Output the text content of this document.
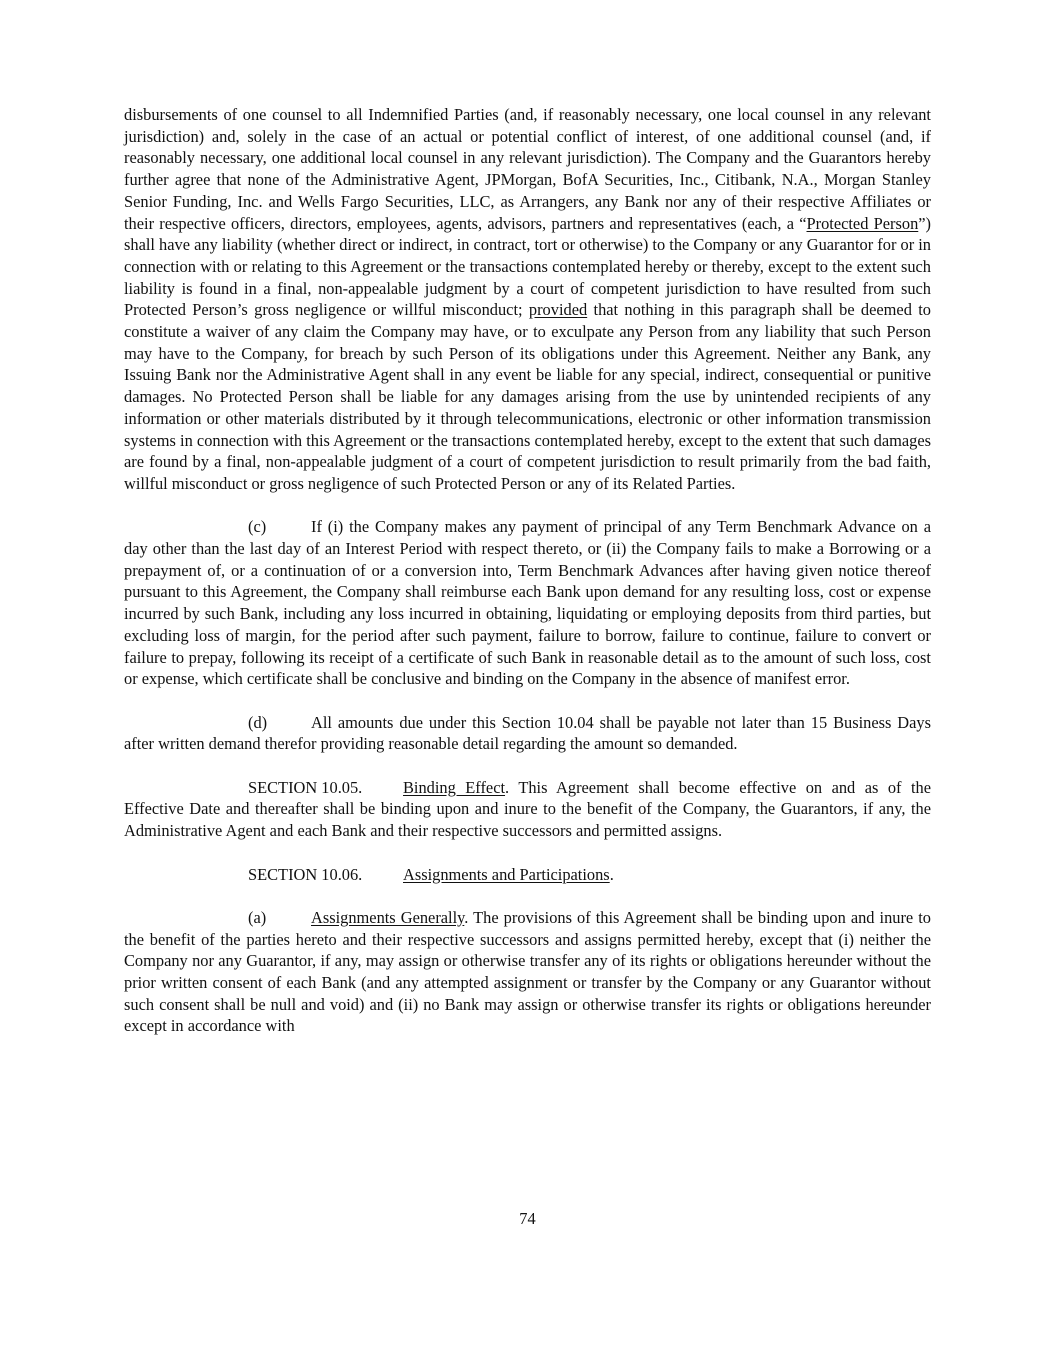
disbursements of one counsel to all Indemnified Parties (and, if reasonably necessary, one local counsel in any relevant jurisdiction) and, solely in the case of an actual or potential conflict of interest, of one additional counsel (and, if reasonably necessary, one additional local counsel in any relevant jurisdiction). The Company and the Guarantors hereby further agree that none of the Administrative Agent, JPMorgan, BofA Securities, Inc., Citibank, N.A., Morgan Stanley Senior Funding, Inc. and Wells Fargo Securities, LLC, as Arrangers, any Bank nor any of their respective Affiliates or their respective officers, directors, employees, agents, advisors, partners and representatives (each, a “Protected Person”) shall have any liability (whether direct or indirect, in contract, tort or otherwise) to the Company or any Guarantor for or in connection with or relating to this Agreement or the transactions contemplated hereby or thereby, except to the extent such liability is found in a final, non-appealable judgment by a court of competent jurisdiction to have resulted from such Protected Person’s gross negligence or willful misconduct; provided that nothing in this paragraph shall be deemed to constitute a waiver of any claim the Company may have, or to exculpate any Person from any liability that such Person may have to the Company, for breach by such Person of its obligations under this Agreement. Neither any Bank, any Issuing Bank nor the Administrative Agent shall in any event be liable for any special, indirect, consequential or punitive damages. No Protected Person shall be liable for any damages arising from the use by unintended recipients of any information or other materials distributed by it through telecommunications, electronic or other information transmission systems in connection with this Agreement or the transactions contemplated hereby, except to the extent that such damages are found by a final, non-appealable judgment of a court of competent jurisdiction to result primarily from the bad faith, willful misconduct or gross negligence of such Protected Person or any of its Related Parties.

(c)	If (i) the Company makes any payment of principal of any Term Benchmark Advance on a day other than the last day of an Interest Period with respect thereto, or (ii) the Company fails to make a Borrowing or a prepayment of, or a continuation of or a conversion into, Term Benchmark Advances after having given notice thereof pursuant to this Agreement, the Company shall reimburse each Bank upon demand for any resulting loss, cost or expense incurred by such Bank, including any loss incurred in obtaining, liquidating or employing deposits from third parties, but excluding loss of margin, for the period after such payment, failure to borrow, failure to continue, failure to convert or failure to prepay, following its receipt of a certificate of such Bank in reasonable detail as to the amount of such loss, cost or expense, which certificate shall be conclusive and binding on the Company in the absence of manifest error.

(d)	All amounts due under this Section 10.04 shall be payable not later than 15 Business Days after written demand therefor providing reasonable detail regarding the amount so demanded.

SECTION 10.05. Binding Effect. This Agreement shall become effective on and as of the Effective Date and thereafter shall be binding upon and inure to the benefit of the Company, the Guarantors, if any, the Administrative Agent and each Bank and their respective successors and permitted assigns.

SECTION 10.06. Assignments and Participations.

(a)	Assignments Generally. The provisions of this Agreement shall be binding upon and inure to the benefit of the parties hereto and their respective successors and assigns permitted hereby, except that (i) neither the Company nor any Guarantor, if any, may assign or otherwise transfer any of its rights or obligations hereunder without the prior written consent of each Bank (and any attempted assignment or transfer by the Company or any Guarantor without such consent shall be null and void) and (ii) no Bank may assign or otherwise transfer its rights or obligations hereunder except in accordance with

74
